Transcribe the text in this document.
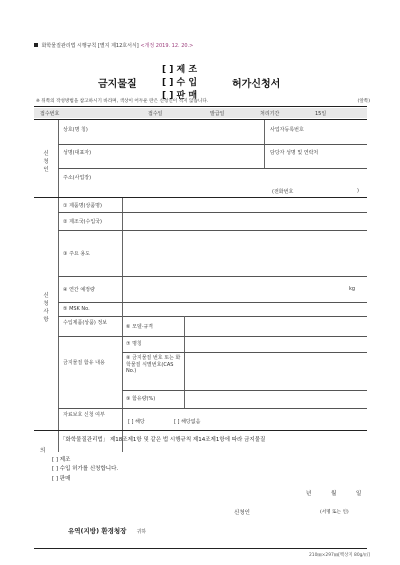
화학물질관리법 시행규칙 [별지 제12호서식] <개정 2019. 12. 20.>
[ ] 제 조
금지물질	[ ] 수 입	허가신청서
[ ] 판 매
※ 뒤쪽의 작성방법을 참고하시기 바라며, 색상이 어두운 란은 신청인이 적지 않습니다.	(앞쪽)
접수번호	접수일	발급일	처리기간	15일
신청인
상호(명 칭)	사업자등록번호
성명(대표자)	담당자 성명 및 연락처
주소(사업장)
(전화번호	)
신청사항
① 제품명(상품명)
② 제조국(수입국)
③ 주요 용도
④ 연간 예정량	kg
⑤ MSK No.
수입제품(상품) 정보
⑥ 모델·규격
금지물질 함유 내용
⑦ 명칭
⑧ 금지물질 번호 또는 화학물질 식별번호(CAS No.)
⑨ 함유량(%)
자료보호 신청 여부
[ ] 해당	[ ] 해당없음
「화학물질관리법」 제18조제1항 및 같은 법 시행규칙 제14조제1항에 따라 금지물질
의
[ ] 제조
[ ] 수입 허가를 신청합니다.
[ ] 판매
년	월	일
신청인	(서명 또는 인)
유역(지방) 환경청장 귀하
210㎜×297㎜[백상지 80g/㎡]
